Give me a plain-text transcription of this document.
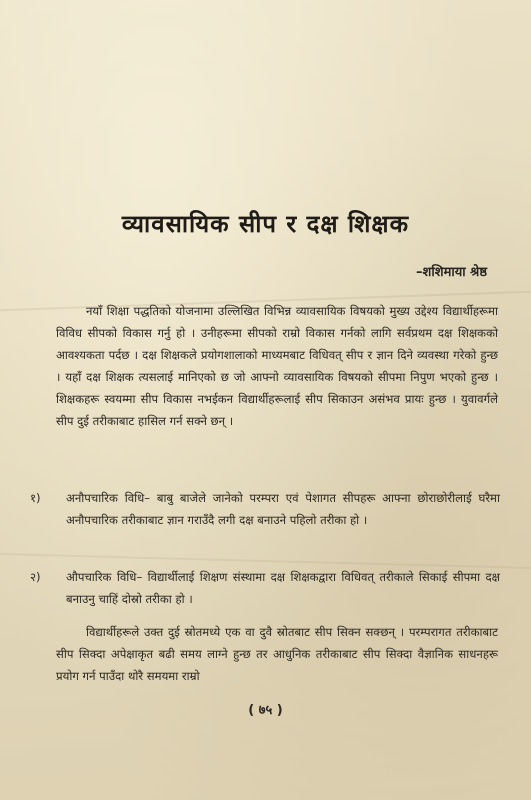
व्यावसायिक सीप र दक्ष शिक्षक
–शशिमाया श्रेष्ठ
नयाँ शिक्षा पद्धतिको योजनामा उल्लिखित विभिन्न व्यावसायिक विषयको मुख्य उद्देश्य विद्यार्थीहरूमा विविध सीपको विकास गर्नु हो । उनीहरूमा सीपको राम्रो विकास गर्नको लागि सर्वप्रथम दक्ष शिक्षकको आवश्यकता पर्दछ । दक्ष शिक्षकले प्रयोगशालाको माध्यमबाट विधिवत् सीप र ज्ञान दिने व्यवस्था गरेको हुन्छ । यहाँ दक्ष शिक्षक त्यसलाई मानिएको छ जो आफ्नो व्यावसायिक विषयको सीपमा निपुण भएको हुन्छ । शिक्षकहरू स्वयम्मा सीप विकास नभईकन विद्यार्थीहरूलाई सीप सिकाउन असंभव प्रायः हुन्छ । युवावर्गले सीप दुई तरीकाबाट हासिल गर्न सक्ने छन् ।
१)	अनौपचारिक विधि– बाबु बाजेले जानेको परम्परा एवं पेशागत सीपहरू आफ्ना छोराछोरीलाई घरैमा अनौपचारिक तरीकाबाट ज्ञान गराउँदै लगी दक्ष बनाउने पहिलो तरीका हो ।
२)	औपचारिक विधि– विद्यार्थीलाई शिक्षण संस्थामा दक्ष शिक्षकद्वारा विधिवत् तरीकाले सिकाई सीपमा दक्ष बनाउनु चाहिं दोस्रो तरीका हो ।
विद्यार्थीहरूले उक्त दुई स्रोतमध्ये एक वा दुवै स्रोतबाट सीप सिक्न सक्छन् । परम्परागत तरीकाबाट सीप सिक्दा अपेक्षाकृत बढी समय लाग्ने हुन्छ तर आधुनिक तरीकाबाट सीप सिक्दा वैज्ञानिक साधनहरू प्रयोग गर्न पाउँदा थोरै समयमा राम्रो
( ७५ )
